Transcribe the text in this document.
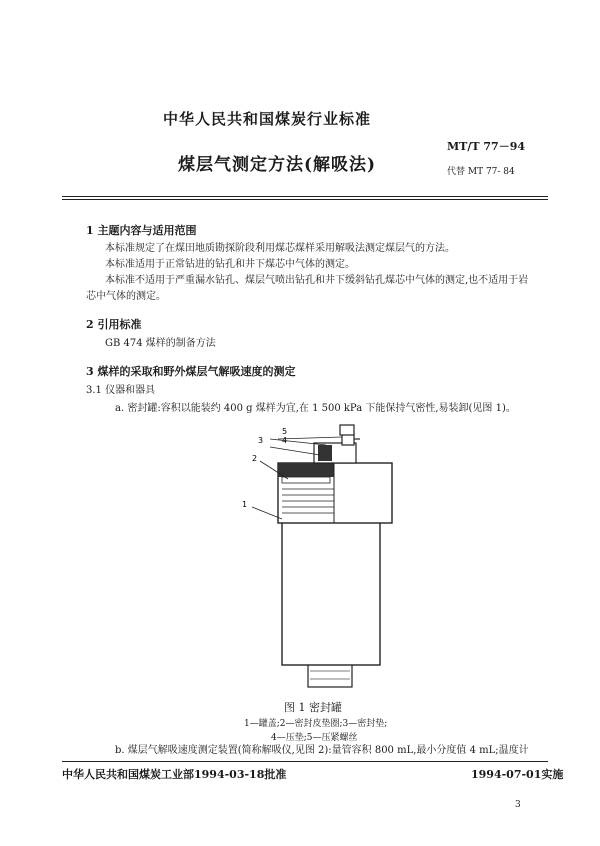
中华人民共和国煤炭行业标准
MT/T 77－94
煤层气测定方法(解吸法)	代替 MT 77- 84
1 主题内容与适用范围
本标准规定了在煤田地质勘探阶段利用煤芯煤样采用解吸法测定煤层气的方法。
本标准适用于正常钻进的钻孔和井下煤芯中气体的测定。
本标准不适用于严重漏水钻孔、煤层气喷出钻孔和井下缓斜钻孔煤芯中气体的测定,也不适用于岩
芯中气体的测定。
2 引用标准
GB 474 煤样的制备方法
3 煤样的采取和野外煤层气解吸速度的测定
3.1 仪器和器具
a. 密封罐:容积以能装约 400 g 煤样为宜,在 1 500 kPa 下能保持气密性,易装卸(见图 1)。
3 4
5
2
1
图 1 密封罐
1—罐盖;2—密封皮垫圈;3—密封垫;
4—压垫;5—压紧螺丝
b. 煤层气解吸速度测定装置(简称解吸仪,见图 2):量管容积 800 mL,最小分度值 4 mL;温度计
中华人民共和国煤炭工业部1994-03-18批准	1994-07-01实施
3
